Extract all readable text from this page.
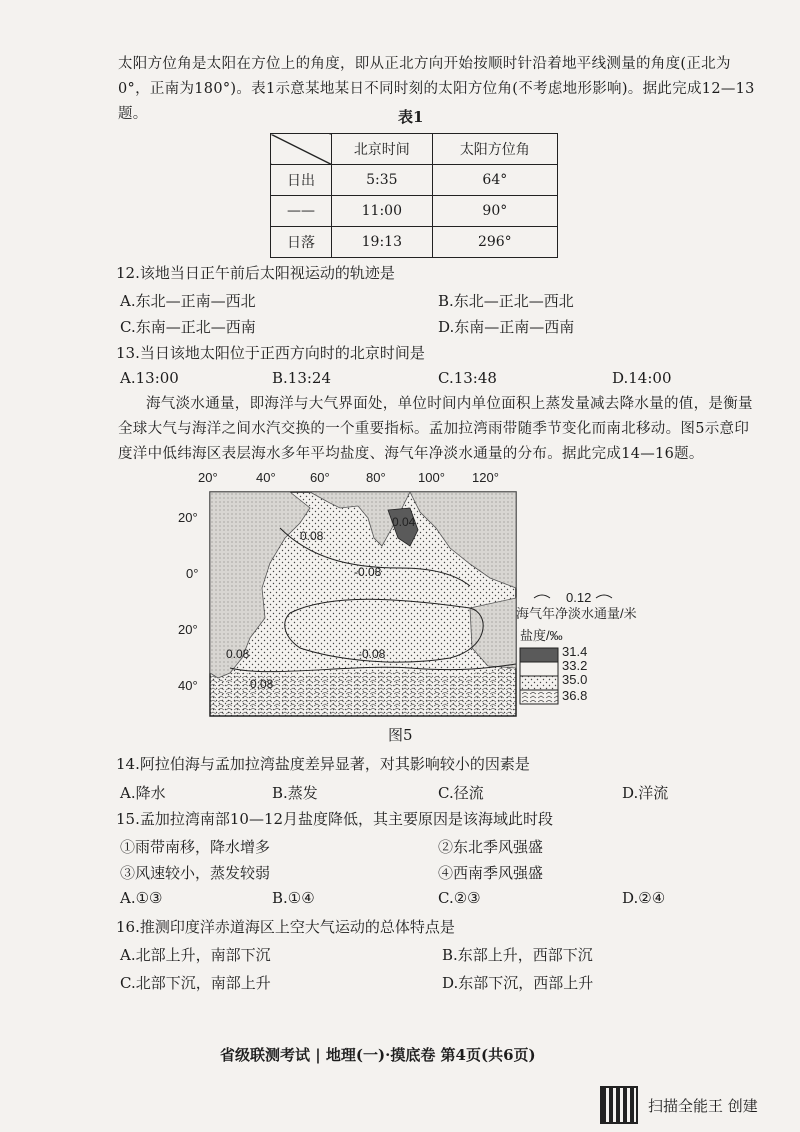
太阳方位角是太阳在方位上的角度，即从正北方向开始按顺时针沿着地平线测量的角度(正北为0°，正南为180°)。表1示意某地某日不同时刻的太阳方位角(不考虑地形影响)。据此完成12—13题。	表1
	北京时间	太阳方位角
日出	5:35	64°
——	11:00	90°
日落	19:13	296°
12.该地当日正午前后太阳视运动的轨迹是
A.东北—正南—西北	B.东北—正北—西北
C.东南—正北—西南	D.东南—正南—西南
13.当日该地太阳位于正西方向时的北京时间是
A.13:00	B.13:24	C.13:48	D.14:00

海气淡水通量，即海洋与大气界面处，单位时间内单位面积上蒸发量减去降水量的值，是衡量全球大气与海洋之间水汽交换的一个重要指标。孟加拉湾雨带随季节变化而南北移动。图5示意印度洋中低纬海区表层海水多年平均盐度、海气年净淡水通量的分布。据此完成14—16题。

20°	40°	60°	80° 100° 120°
20°
0°
20°
40°
0.08
-0.08
0.08	-0.08
0.08
0.04
0.12
海气年净淡水通量/米
盐度/‰
31.4
33.2
35.0
36.8
图5
14.阿拉伯海与孟加拉湾盐度差异显著，对其影响较小的因素是
A.降水	B.蒸发	C.径流	D.洋流
15.孟加拉湾南部10—12月盐度降低，其主要原因是该海域此时段
①雨带南移，降水增多	②东北季风强盛
③风速较小，蒸发较弱	④西南季风强盛
A.①③	B.①④	C.②③	D.②④
16.推测印度洋赤道海区上空大气运动的总体特点是
A.北部上升，南部下沉	B.东部上升，西部下沉
C.北部下沉，南部上升	D.东部下沉，西部上升
省级联测考试 | 地理(一)·摸底卷 第4页(共6页)
扫描全能王 创建
